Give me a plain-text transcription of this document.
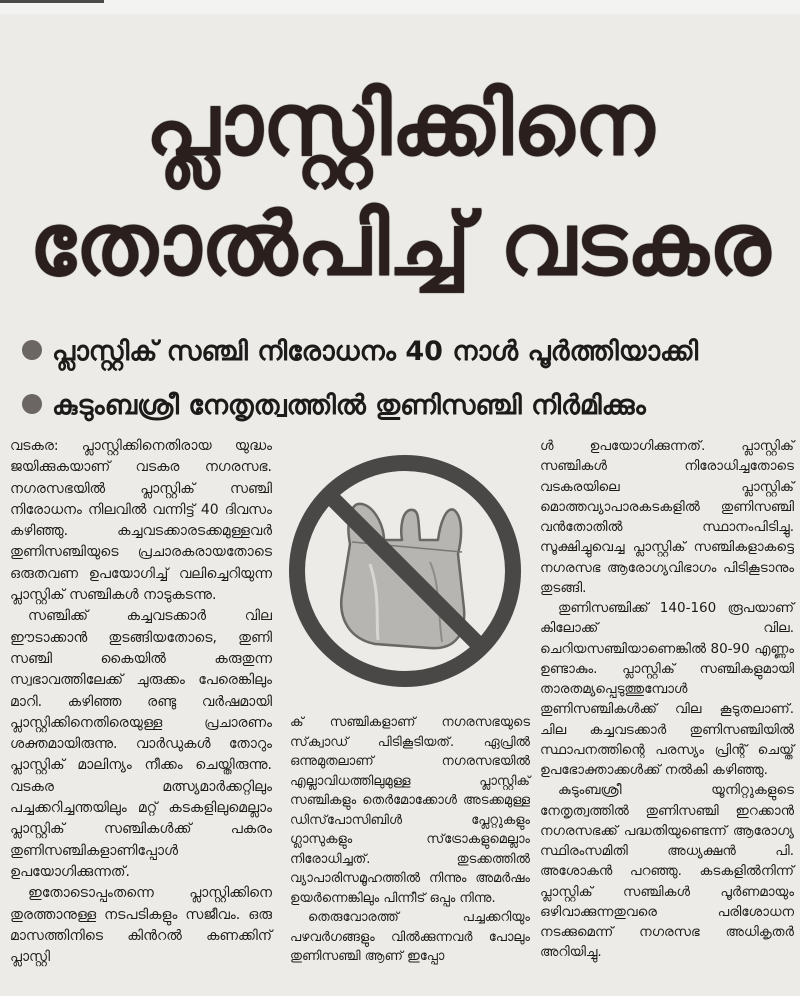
പ്ലാസ്റ്റിക്കിനെ
തോൽപിച്ച് വടകര
പ്ലാസ്റ്റിക് സഞ്ചി നിരോധനം 40 നാൾ പൂർത്തിയാക്കി
കുടുംബശ്രീ നേതൃത്വത്തിൽ തുണിസഞ്ചി നിർമിക്കും

വടകര: പ്ലാസ്റ്റിക്കിനെതിരായ യുദ്ധം ജയിക്കുകയാണ് വടകര നഗരസഭ. നഗരസഭയിൽ പ്ലാസ്റ്റിക് സഞ്ചി നിരോധനം നിലവിൽ വന്നിട്ട് 40 ദിവസം കഴിഞ്ഞു. കച്ചവടക്കാരടക്കമുള്ളവർ തുണിസഞ്ചിയുടെ പ്രചാരകരായതോടെ ഒരുതവണ ഉപയോഗിച്ച് വലിച്ചെറിയുന്ന പ്ലാസ്റ്റിക് സഞ്ചികൾ നാടുകടന്നു.

സഞ്ചിക്ക് കച്ചവടക്കാർ വില ഈടാക്കാൻ തുടങ്ങിയതോടെ, തുണി സഞ്ചി കൈയിൽ കരുതുന്ന സ്വഭാവത്തിലേക്ക് ചുരുക്കം പേരെങ്കിലും മാറി. കഴിഞ്ഞ രണ്ടു വർഷമായി പ്ലാസ്റ്റിക്കിനെതിരെയുള്ള പ്രചാരണം ശക്തമായിരുന്നു. വാർഡുകൾ തോറും പ്ലാസ്റ്റിക് മാലിന്യം നീക്കം ചെയ്തിരുന്നു. വടകര മത്സ്യമാർക്കറ്റിലും പച്ചക്കറിച്ചന്തയിലും മറ്റ് കടകളിലുമെല്ലാം പ്ലാസ്റ്റിക് സഞ്ചികൾക്ക് പകരം തുണിസഞ്ചികളാണിപ്പോൾ ഉപയോഗിക്കുന്നത്.

ഇതോടൊപ്പംതന്നെ പ്ലാസ്റ്റിക്കിനെ തുരത്താനുള്ള നടപടികളും സജീവം. ഒരു മാസത്തിനിടെ കിൻറൽ കണക്കിന് പ്ലാസ്റ്റി

ക് സഞ്ചികളാണ് നഗരസഭയുടെ സ്‌ക്വാഡ് പിടികൂടിയത്. ഏപ്രിൽ ഒന്നുമുതലാണ് നഗരസഭയിൽ എല്ലാവിധത്തിലുമുള്ള പ്ലാസ്റ്റിക് സഞ്ചികളും തെർമോക്കോൾ അടക്കമുള്ള ഡിസ്‌പോസിബിൾ പ്ലേറ്റുകളും ഗ്ലാസുകളും സ്‌ട്രോകളുമെല്ലാം നിരോധിച്ചത്. തുടക്കത്തിൽ വ്യാപാരിസമൂഹത്തിൽ നിന്നും അമർഷം ഉയർന്നെങ്കിലും പിന്നീട് ഒപ്പം നിന്നു.

തെരുവോരത്ത് പച്ചക്കറിയും പഴവർഗങ്ങളും വിൽക്കുന്നവർ പോലും തുണിസഞ്ചി ആണ് ഇപ്പോ

ൾ ഉപയോഗിക്കുന്നത്. പ്ലാസ്റ്റിക് സഞ്ചികൾ നിരോധിച്ചതോടെ വടകരയിലെ പ്ലാസ്റ്റിക് മൊത്തവ്യാപാരകടകളിൽ തുണിസഞ്ചി വൻതോതിൽ സ്ഥാനംപിടിച്ചു. സൂക്ഷിച്ചുവെച്ച പ്ലാസ്റ്റിക് സഞ്ചികളാകട്ടെ നഗരസഭ ആരോഗ്യവിഭാഗം പിടികൂടാനും തുടങ്ങി.

തുണിസഞ്ചിക്ക് 140-160 രൂപയാണ് കിലോക്ക് വില. ചെറിയസഞ്ചിയാണെങ്കിൽ 80-90 എണ്ണം ഉണ്ടാകും. പ്ലാസ്റ്റിക് സഞ്ചികളുമായി താരതമ്യപ്പെടുത്തുമ്പോൾ തുണിസഞ്ചികൾക്ക് വില കൂടുതലാണ്. ചില കച്ചവടക്കാർ തുണിസഞ്ചിയിൽ സ്ഥാപനത്തിന്റെ പരസ്യം പ്രിന്റ് ചെയ്ത് ഉപഭോക്താക്കൾക്ക് നൽകി കഴിഞ്ഞു.

കുടുംബശ്രീ യൂനിറ്റുകളുടെ നേതൃത്വത്തിൽ തുണിസഞ്ചി ഇറക്കാൻ നഗരസഭക്ക് പദ്ധതിയുണ്ടെന്ന് ആരോഗ്യ സ്ഥിരംസമിതി അധ്യക്ഷൻ പി. അശോകൻ പറഞ്ഞു. കടകളിൽനിന്ന് പ്ലാസ്റ്റിക് സഞ്ചികൾ പൂർണമായും ഒഴിവാക്കുന്നതുവരെ പരിശോധന നടക്കുമെന്ന് നഗരസഭ അധികൃതർ അറിയിച്ചു.
